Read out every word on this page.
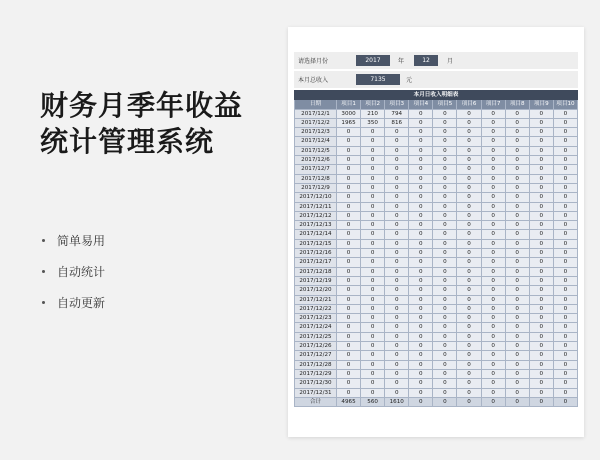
财务月季年收益
统计管理系统
简单易用
自动统计
自动更新
请选择月份	2017	年	12	月
本月总收入	7135	元
本月日收入明细表										
日期	项目1	项目2	项目3	项目4	项目5	项目6	项目7	项目8	项目9	项目10
2017/12/1	3000	210	794	0	0	0	0	0	0	0
2017/12/2	1965	350	816	0	0	0	0	0	0	0
2017/12/3	0	0	0	0	0	0	0	0	0	0
2017/12/4	0	0	0	0	0	0	0	0	0	0
2017/12/5	0	0	0	0	0	0	0	0	0	0
2017/12/6	0	0	0	0	0	0	0	0	0	0
2017/12/7	0	0	0	0	0	0	0	0	0	0
2017/12/8	0	0	0	0	0	0	0	0	0	0
2017/12/9	0	0	0	0	0	0	0	0	0	0
2017/12/10	0	0	0	0	0	0	0	0	0	0
2017/12/11	0	0	0	0	0	0	0	0	0	0
2017/12/12	0	0	0	0	0	0	0	0	0	0
2017/12/13	0	0	0	0	0	0	0	0	0	0
2017/12/14	0	0	0	0	0	0	0	0	0	0
2017/12/15	0	0	0	0	0	0	0	0	0	0
2017/12/16	0	0	0	0	0	0	0	0	0	0
2017/12/17	0	0	0	0	0	0	0	0	0	0
2017/12/18	0	0	0	0	0	0	0	0	0	0
2017/12/19	0	0	0	0	0	0	0	0	0	0
2017/12/20	0	0	0	0	0	0	0	0	0	0
2017/12/21	0	0	0	0	0	0	0	0	0	0
2017/12/22	0	0	0	0	0	0	0	0	0	0
2017/12/23	0	0	0	0	0	0	0	0	0	0
2017/12/24	0	0	0	0	0	0	0	0	0	0
2017/12/25	0	0	0	0	0	0	0	0	0	0
2017/12/26	0	0	0	0	0	0	0	0	0	0
2017/12/27	0	0	0	0	0	0	0	0	0	0
2017/12/28	0	0	0	0	0	0	0	0	0	0
2017/12/29	0	0	0	0	0	0	0	0	0	0
2017/12/30	0	0	0	0	0	0	0	0	0	0
2017/12/31	0	0	0	0	0	0	0	0	0	0
合计	4965	560	1610	0	0	0	0	0	0	0
